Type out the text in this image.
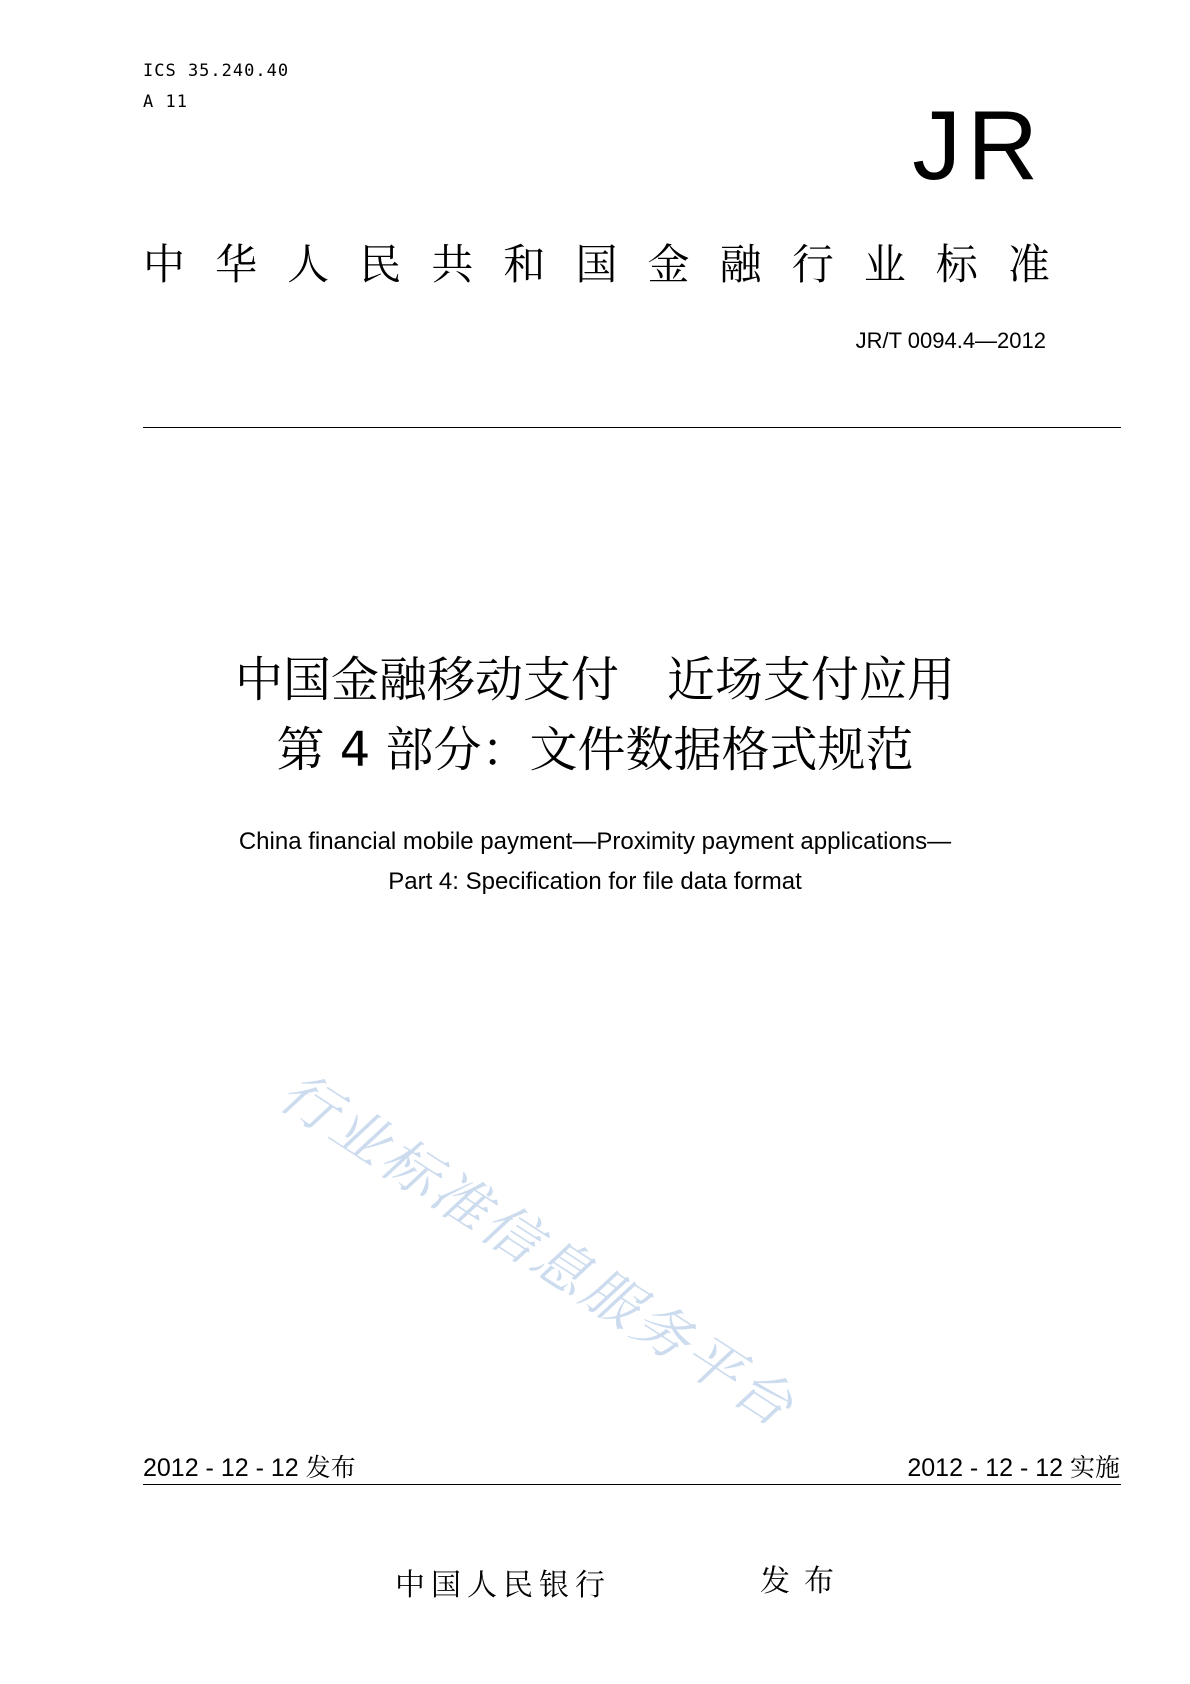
ICS 35.240.40
A 11	JR
中 华 人 民 共 和 国 金 融 行 业 标 准
JR/T 0094.4—2012
中国金融移动支付　近场支付应用
第 4 部分：文件数据格式规范
China financial mobile payment—Proximity payment applications—
Part 4: Specification for file data format
行业标准信息服务平台
2012 - 12 - 12 发布	2012 - 12 - 12 实施
中国人民银行	发布
